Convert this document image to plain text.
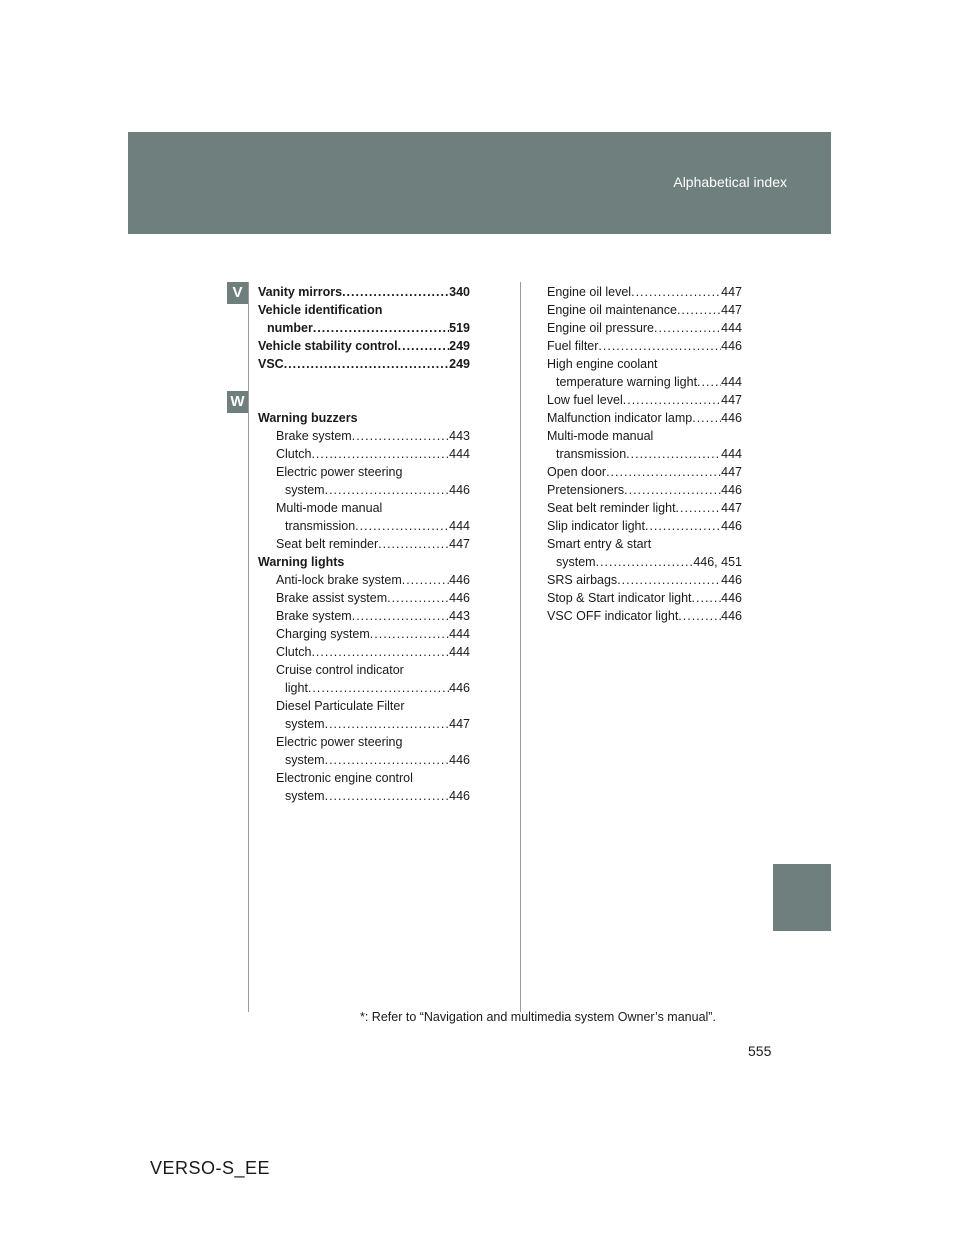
Alphabetical index
V
W
Vanity mirrors .....	340
Vehicle identification
number .....	519
Vehicle stability control .....	249
VSC .....	249
Warning buzzers
Brake system .....	443
Clutch .....	444
Electric power steering
system .....	446
Multi-mode manual
transmission .....	444
Seat belt reminder .....	447
Warning lights
Anti-lock brake system .....	446
Brake assist system .....	446
Brake system .....	443
Charging system .....	444
Clutch .....	444
Cruise control indicator
light .....	446
Diesel Particulate Filter
system .....	447
Electric power steering
system .....	446
Electronic engine control
system .....	446
Engine oil level .....	447
Engine oil maintenance .....	447
Engine oil pressure .....	444
Fuel filter .....	446
High engine coolant
temperature warning light ..... 444
Low fuel level .....	447
Malfunction indicator lamp ..... 446
Multi-mode manual
transmission .....	444
Open door .....	447
Pretensioners .....	446
Seat belt reminder light .....	447
Slip indicator light .....	446
Smart entry & start
system .....	446, 451
SRS airbags .....	446
Stop & Start indicator light ..... 446
VSC OFF indicator light .....	446
*: Refer to “Navigation and multimedia system Owner’s manual”.
555
VERSO-S_EE
